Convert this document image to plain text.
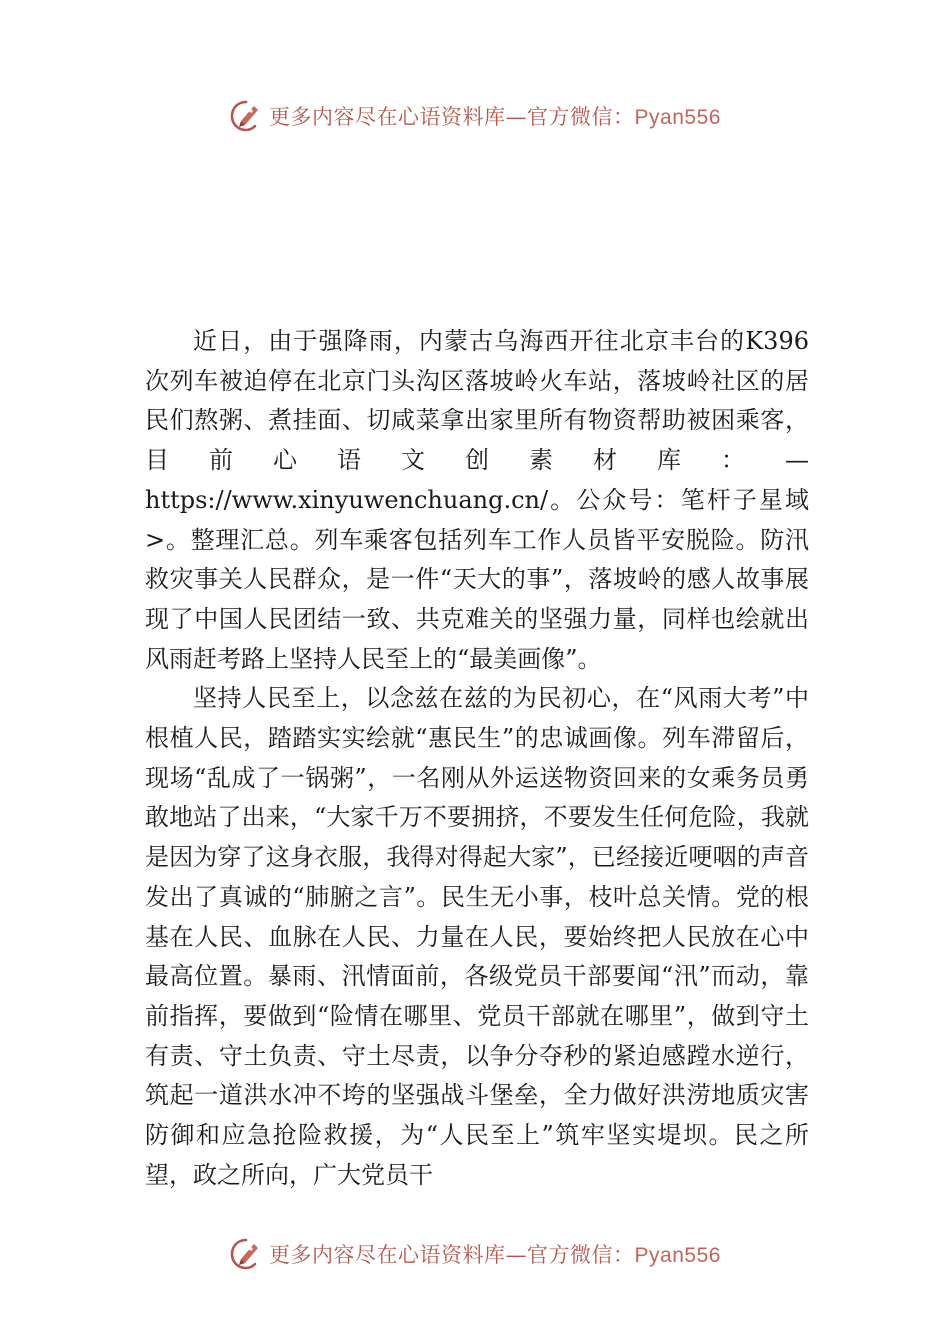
更多内容尽在心语资料库—官方微信：Pyan556

近日，由于强降雨，内蒙古乌海西开往北京丰台的K396 次列车被迫停在北京门头沟区落坡岭火车站，落坡岭社区的居民们熬粥、煮挂面、切咸菜拿出家里所有物资帮助被困乘客，目前心语文创素材库：—https://www.xinyuwenchuang.cn/。公众号：笔杆子星域>。整理汇总。列车乘客包括列车工作人员皆平安脱险。防汛救灾事关人民群众，是一件“天大的事”，落坡岭的感人故事展现了中国人民团结一致、共克难关的坚强力量，同样也绘就出风雨赶考路上坚持人民至上的“最美画像”。

坚持人民至上，以念兹在兹的为民初心，在“风雨大考”中根植人民，踏踏实实绘就“惠民生”的忠诚画像。列车滞留后，现场“乱成了一锅粥”，一名刚从外运送物资回来的女乘务员勇敢地站了出来，“大家千万不要拥挤，不要发生任何危险，我就是因为穿了这身衣服，我得对得起大家”，已经接近哽咽的声音发出了真诚的“肺腑之言”。民生无小事，枝叶总关情。党的根基在人民、血脉在人民、力量在人民，要始终把人民放在心中最高位置。暴雨、汛情面前，各级党员干部要闻“汛”而动，靠前指挥，要做到“险情在哪里、党员干部就在哪里”，做到守土有责、守土负责、守土尽责，以争分夺秒的紧迫感蹚水逆行，筑起一道洪水冲不垮的坚强战斗堡垒，全力做好洪涝地质灾害防御和应急抢险救援，为“人民至上”筑牢坚实堤坝。民之所望，政之所向，广大党员干

更多内容尽在心语资料库—官方微信：Pyan556
